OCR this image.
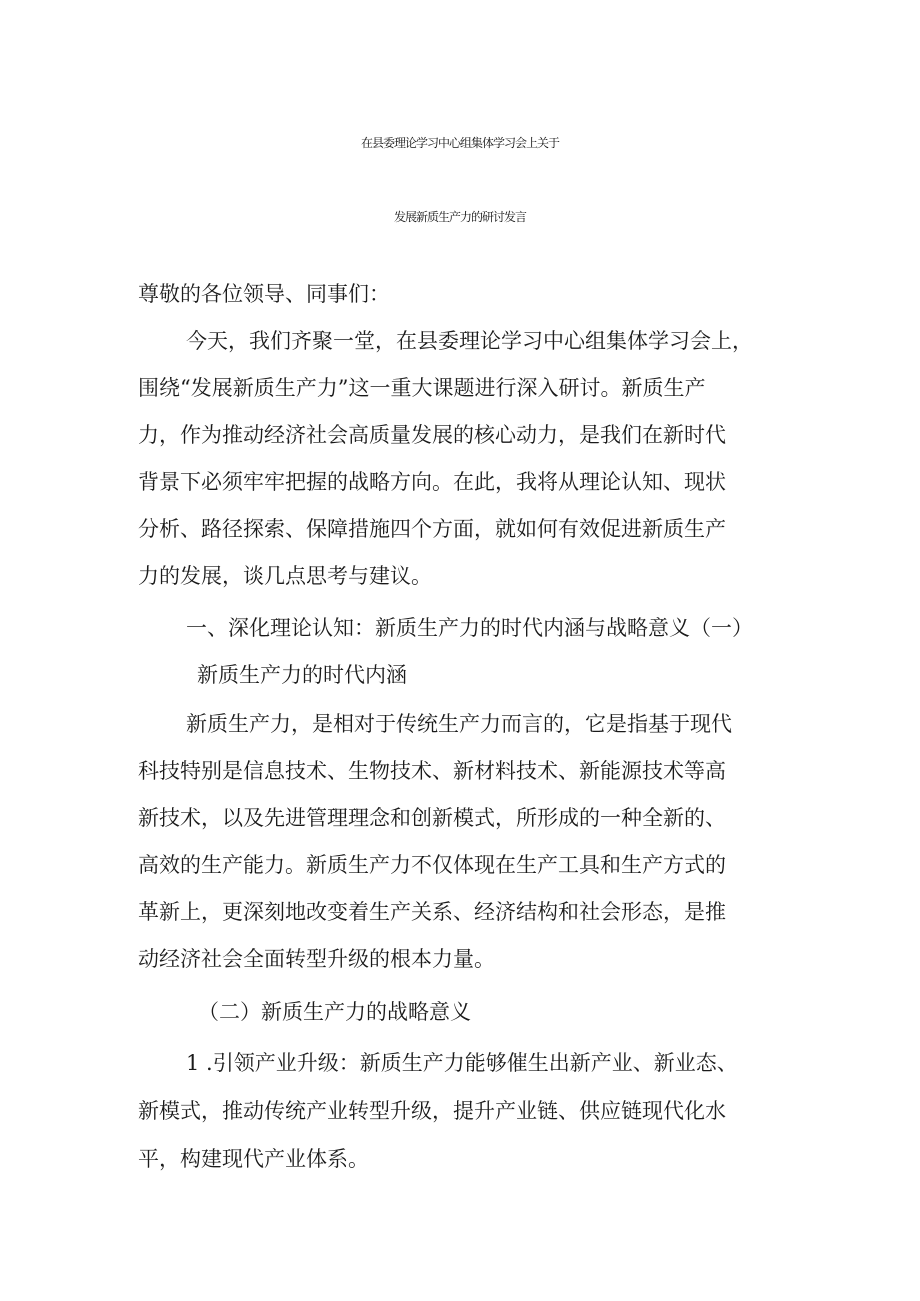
在县委理论学习中心组集体学习会上关于
发展新质生产力的研讨发言
尊敬的各位领导、同事们：
今天，我们齐聚一堂，在县委理论学习中心组集体学习会上，
围绕“发展新质生产力”这一重大课题进行深入研讨。新质生产
力，作为推动经济社会高质量发展的核心动力，是我们在新时代
背景下必须牢牢把握的战略方向。在此，我将从理论认知、现状
分析、路径探索、保障措施四个方面，就如何有效促进新质生产
力的发展，谈几点思考与建议。
一、深化理论认知：新质生产力的时代内涵与战略意义（一）
新质生产力的时代内涵
新质生产力，是相对于传统生产力而言的，它是指基于现代
科技特别是信息技术、生物技术、新材料技术、新能源技术等高
新技术，以及先进管理理念和创新模式，所形成的一种全新的、
高效的生产能力。新质生产力不仅体现在生产工具和生产方式的
革新上，更深刻地改变着生产关系、经济结构和社会形态，是推
动经济社会全面转型升级的根本力量。
（二）新质生产力的战略意义
1 .引领产业升级：新质生产力能够催生出新产业、新业态、
新模式，推动传统产业转型升级，提升产业链、供应链现代化水
平，构建现代产业体系。
